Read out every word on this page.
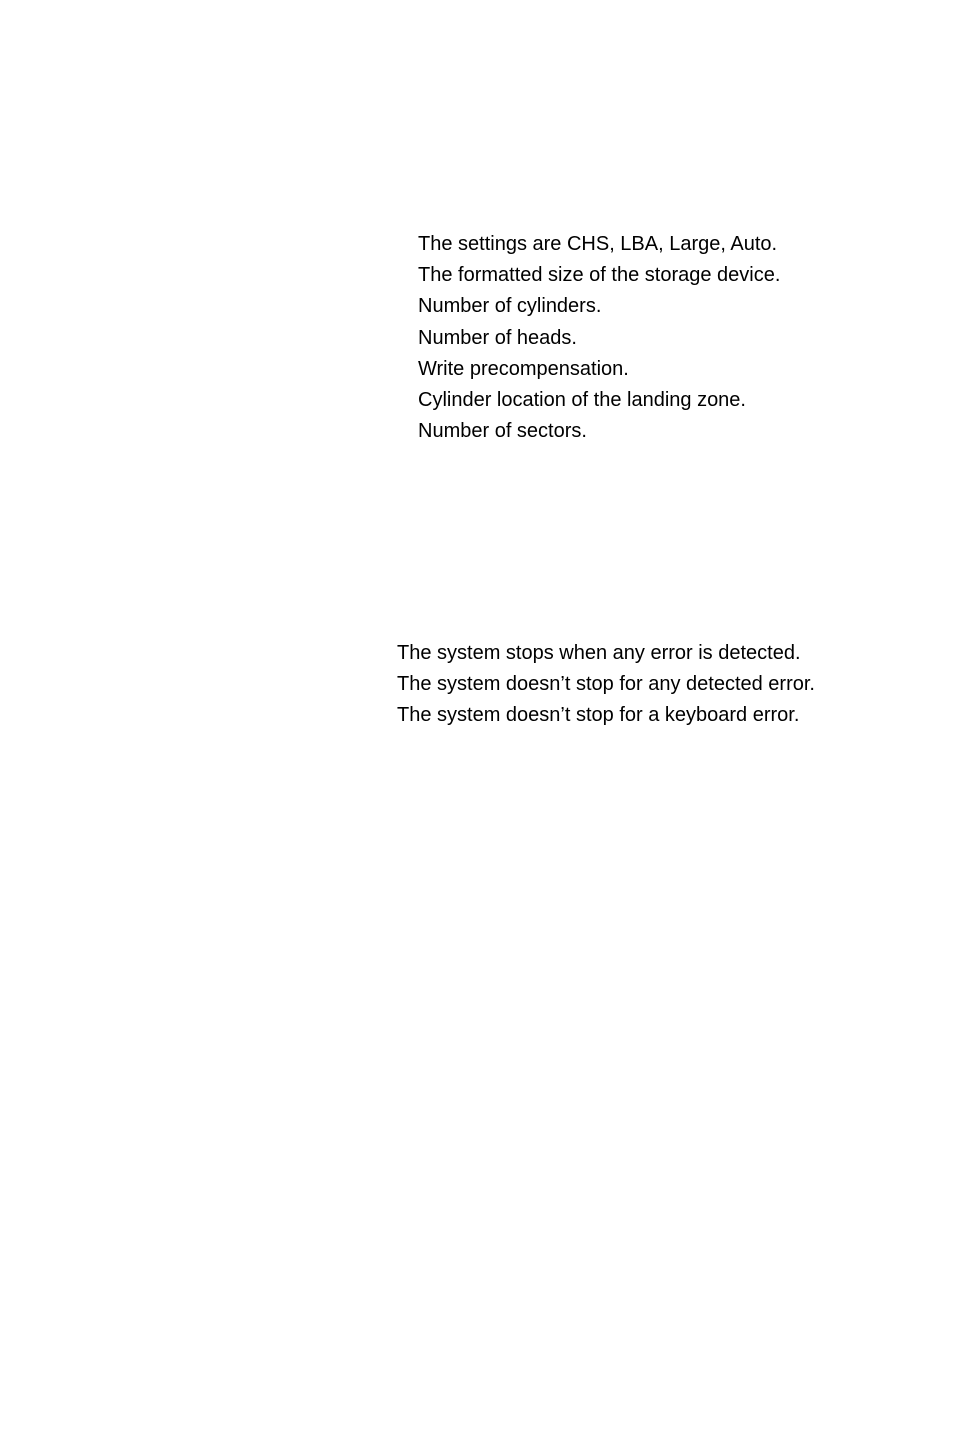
The settings are CHS, LBA, Large, Auto.
The formatted size of the storage device.
Number of cylinders.
Number of heads.
Write precompensation.
Cylinder location of the landing zone.
Number of sectors.
The system stops when any error is detected.
The system doesn’t stop for any detected error.
The system doesn’t stop for a keyboard error.
